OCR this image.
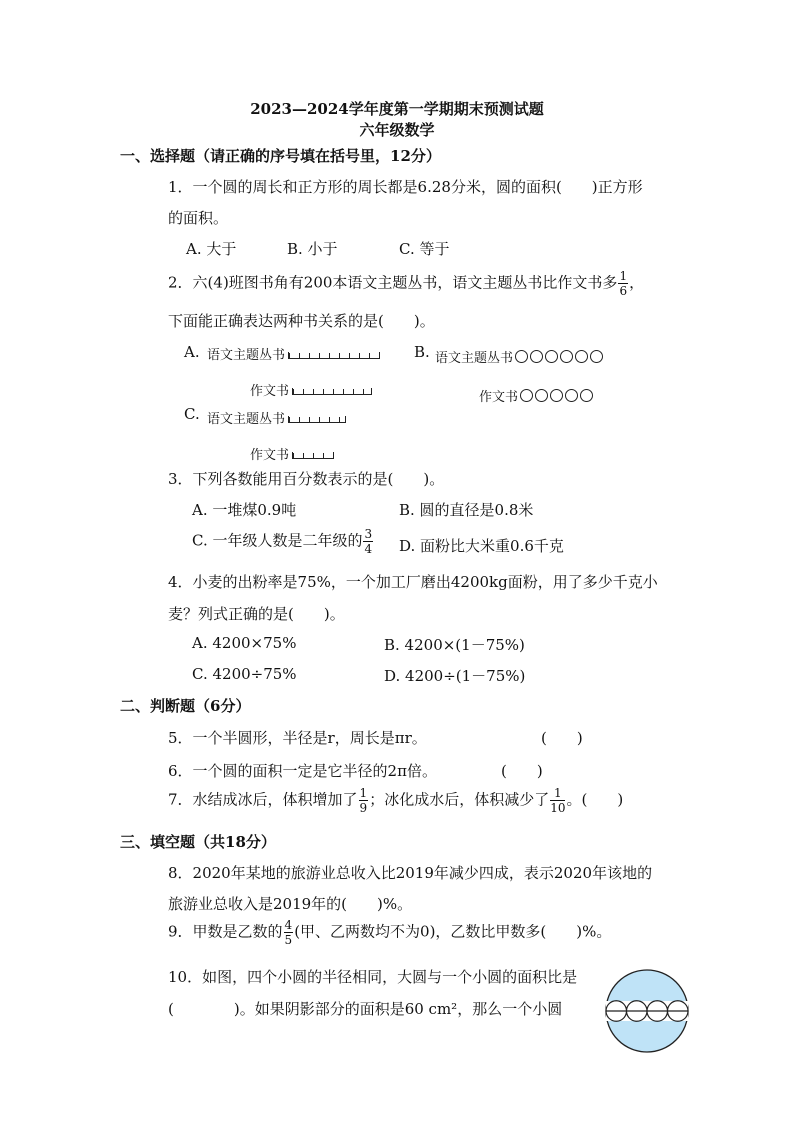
2023—2024学年度第一学期期末预测试题
六年级数学
一、选择题（请正确的序号填在括号里，12分）
1．一个圆的周长和正方形的周长都是6.28分米，圆的面积(　　)正方形
的面积。
A. 大于	B. 小于	C. 等于
2．六(4)班图书角有200本语文主题丛书，语文主题丛书比作文书多 $\frac{1}{6}$ ，
下面能正确表达两种书关系的是(　　)。
A. 语文主题丛书
作文书
B. 语文主题丛书
作文书
C. 语文主题丛书
作文书
3．下列各数能用百分数表示的是(　　)。
A. 一堆煤0.9吨	B. 圆的直径是0.8米
C. 一年级人数是二年级的 $\frac{3}{4} D$. 面粉比大米重0.6千克
4．小麦的出粉率是75%，一个加工厂磨出4200kg面粉，用了多少千克小
麦？列式正确的是(　　)。
A. 4200×75%	B. 4200×(1－75%)
C. 4200÷75%	D. 4200÷(1－75%)
二、判断题（6分）
5．一个半圆形，半径是r，周长是πr。	(　　)
6．一个圆的面积一定是它半径的2π倍。	(　　)
7．水结成冰后，体积增加了 $\frac{1}{9}$ ；冰化成水后，体积减少了 $\frac{1}{10}$ 。(　　)
三、填空题（共18分）
8．2020年某地的旅游业总收入比2019年减少四成，表示2020年该地的
旅游业总收入是2019年的(　　)%。
9．甲数是乙数的 $\frac{4}{5}$ (甲、乙两数均不为0)，乙数比甲数多(　　)%。
10．如图，四个小圆的半径相同，大圆与一个小圆的面积比是
(　　　　)。如果阴影部分的面积是60 cm²，那么一个小圆
